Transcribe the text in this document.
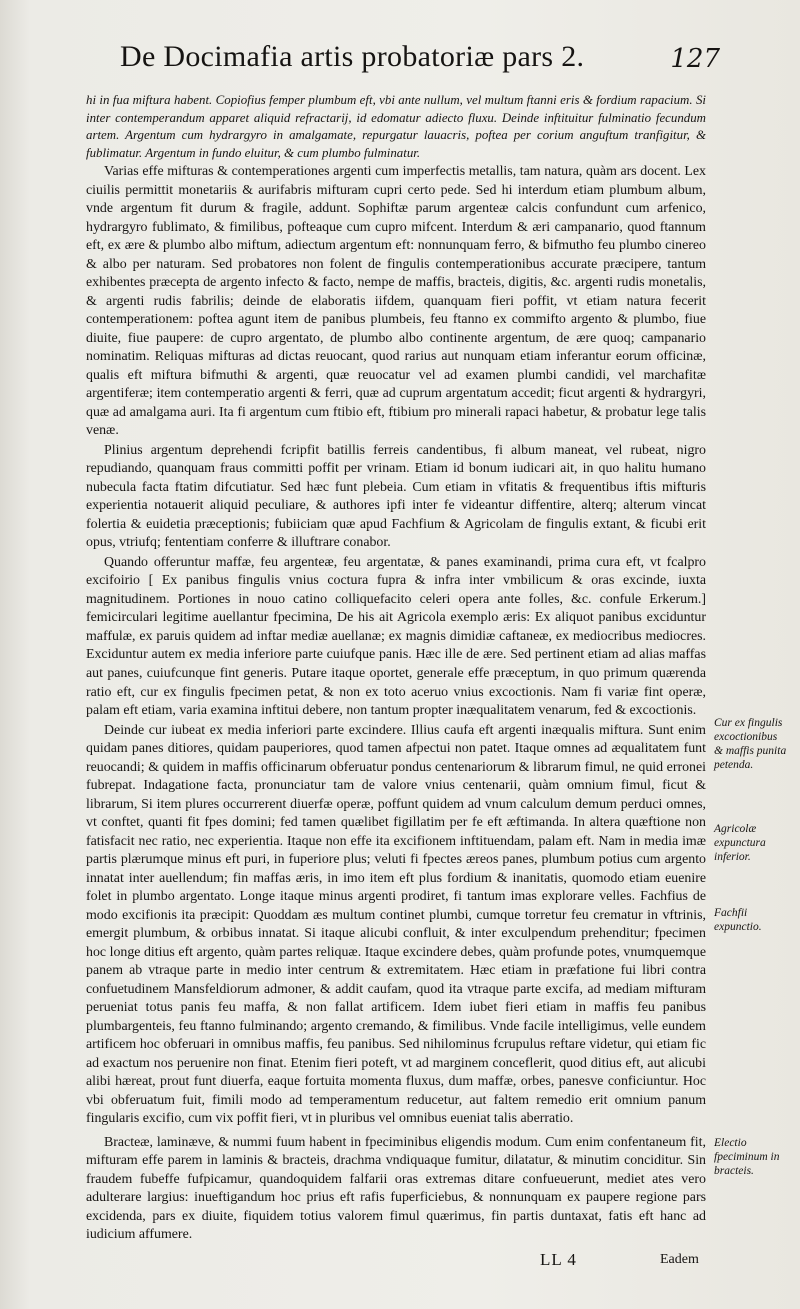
De Docimafia artis probatoriæ pars 2.	127

hi in fua miftura habent. Copiofius femper plumbum eft, vbi ante nullum, vel multum ftanni eris & fordium rapacium. Si inter contemperandum apparet aliquid refractarij, id edomatur adiecto fluxu. Deinde inftituitur fulminatio fecundum artem. Argentum cum hydrargyro in amalgamate, repurgatur lauacris, poftea per corium anguftum tranfigitur, & fublimatur. Argentum in fundo eluitur, & cum plumbo fulminatur.

Varias effe mifturas & contemperationes argenti cum imperfectis metallis, tam natura, quàm ars docent. Lex ciuilis permittit monetariis & aurifabris mifturam cupri certo pede. Sed hi interdum etiam plumbum album, vnde argentum fit durum & fragile, addunt. Sophiftæ parum argenteæ calcis confundunt cum arfenico, hydrargyro fublimato, & fimilibus, pofteaque cum cupro mifcent. Interdum & æri campanario, quod ftannum eft, ex ære & plumbo albo miftum, adiectum argentum eft: nonnunquam ferro, & bifmutho feu plumbo cinereo & albo per naturam. Sed probatores non folent de fingulis contemperationibus accurate præcipere, tantum exhibentes præcepta de argento infecto & facto, nempe de maffis, bracteis, digitis, &c. argenti rudis monetalis, & argenti rudis fabrilis; deinde de elaboratis iifdem, quanquam fieri poffit, vt etiam natura fecerit contemperationem: poftea agunt item de panibus plumbeis, feu ftanno ex commifto argento & plumbo, fiue diuite, fiue paupere: de cupro argentato, de plumbo albo continente argentum, de ære quoq; campanario nominatim. Reliquas mifturas ad dictas reuocant, quod rarius aut nunquam etiam inferantur eorum officinæ, qualis eft miftura bifmuthi & argenti, quæ reuocatur vel ad examen plumbi candidi, vel marchafitæ argentiferæ; item contemperatio argenti & ferri, quæ ad cuprum argentatum accedit; ficut argenti & hydrargyri, quæ ad amalgama auri. Ita fi argentum cum ftibio eft, ftibium pro minerali rapaci habetur, & probatur lege talis venæ.

Plinius argentum deprehendi fcripfit batillis ferreis candentibus, fi album maneat, vel rubeat, nigro repudiando, quanquam fraus committi poffit per vrinam. Etiam id bonum iudicari ait, in quo halitu humano nubecula facta ftatim difcutiatur. Sed hæc funt plebeia. Cum etiam in vfitatis & frequentibus iftis mifturis experientia notauerit aliquid peculiare, & authores ipfi inter fe videantur diffentire, alterq; alterum vincat folertia & euidetia præceptionis; fubiiciam quæ apud Fachfium & Agricolam de fingulis extant, & ficubi erit opus, vtriufq; fententiam conferre & illuftrare conabor.

Quando offeruntur maffæ, feu argenteæ, feu argentatæ, & panes examinandi, prima cura eft, vt fcalpro excifoirio [ Ex panibus fingulis vnius coctura fupra & infra inter vmbilicum & oras excinde, iuxta magnitudinem. Portiones in nouo catino colliquefacito celeri opera ante folles, &c. confule Erkerum.] femicirculari legitime auellantur fpecimina, De his ait Agricola exemplo æris: Ex aliquot panibus exciduntur maffulæ, ex paruis quidem ad inftar mediæ auellanæ; ex magnis dimidiæ caftaneæ, ex mediocribus mediocres. Exciduntur autem ex media inferiore parte cuiufque panis. Hæc ille de ære. Sed pertinent etiam ad alias maffas aut panes, cuiufcunque fint generis. Putare itaque oportet, generale effe præceptum, in quo primum quærenda ratio eft, cur ex fingulis fpecimen petat, & non ex toto aceruo vnius excoctionis. Nam fi variæ fint operæ, palam eft etiam, varia examina inftitui debere, non tantum propter inæqualitatem venarum, fed & excoctionis.

Deinde cur iubeat ex media inferiori parte excindere. Illius caufa eft argenti inæqualis miftura. Sunt enim quidam panes ditiores, quidam pauperiores, quod tamen afpectui non patet. Itaque omnes ad æqualitatem funt reuocandi; & quidem in maffis officinarum obferuatur pondus centenariorum & librarum fimul, ne quid erronei fubrepat. Indagatione facta, pronunciatur tam de valore vnius centenarii, quàm omnium fimul, ficut & librarum, Si item plures occurrerent diuerfæ operæ, poffunt quidem ad vnum calculum demum perduci omnes, vt conftet, quanti fit fpes domini; fed tamen quælibet figillatim per fe eft æftimanda. In altera quæftione non fatisfacit nec ratio, nec experientia. Itaque non effe ita excifionem inftituendam, palam eft. Nam in media imæ partis plærumque minus eft puri, in fuperiore plus; veluti fi fpectes æreos panes, plumbum potius cum argento innatat inter auellendum; fin maffas æris, in imo item eft plus fordium & inanitatis, quomodo etiam euenire folet in plumbo argentato. Longe itaque minus argenti prodiret, fi tantum imas explorare velles. Fachfius de modo excifionis ita præcipit: Quoddam æs multum continet plumbi, cumque torretur feu crematur in vftrinis, emergit plumbum, & orbibus innatat. Si itaque alicubi confluit, & inter exculpendum prehenditur; fpecimen hoc longe ditius eft argento, quàm partes reliquæ. Itaque excindere debes, quàm profunde potes, vnumquemque panem ab vtraque parte in medio inter centrum & extremitatem. Hæc etiam in præfatione fui libri contra confuetudinem Mansfeldiorum admoner, & addit caufam, quod ita vtraque parte excifa, ad mediam mifturam perueniat totus panis feu maffa, & non fallat artificem. Idem iubet fieri etiam in maffis feu panibus plumbargenteis, feu ftanno fulminando; argento cremando, & fimilibus. Vnde facile intelligimus, velle eundem artificem hoc obferuari in omnibus maffis, feu panibus. Sed nihilominus fcrupulus reftare videtur, qui etiam fic ad exactum nos peruenire non finat. Etenim fieri poteft, vt ad marginem conceflerit, quod ditius eft, aut alicubi alibi hæreat, prout funt diuerfa, eaque fortuita momenta fluxus, dum maffæ, orbes, panesve conficiuntur. Hoc vbi obferuatum fuit, fimili modo ad temperamentum reducetur, aut faltem remedio erit omnium panum fingularis excifio, cum vix poffit fieri, vt in pluribus vel omnibus eueniat talis aberratio.

Bracteæ, laminæve, & nummi fuum habent in fpeciminibus eligendis modum. Cum enim confentaneum fit, mifturam effe parem in laminis & bracteis, drachma vndiquaque fumitur, dilatatur, & minutim conciditur. Sin fraudem fubeffe fufpicamur, quandoquidem falfarii oras extremas ditare confueuerunt, mediet ates vero adulterare largius: inueftigandum hoc prius eft rafis fuperficiebus, & nonnunquam ex paupere regione pars excidenda, pars ex diuite, fiquidem totius valorem fimul quærimus, fin partis duntaxat, fatis eft hanc ad iudicium affumere.

Cur ex fingulis excoctionibus & maffis punita petenda.
Agricolæ expunctura inferior.
Fachfii expunctio.
Electio fpeciminum in bracteis.
LL 4	Eadem
